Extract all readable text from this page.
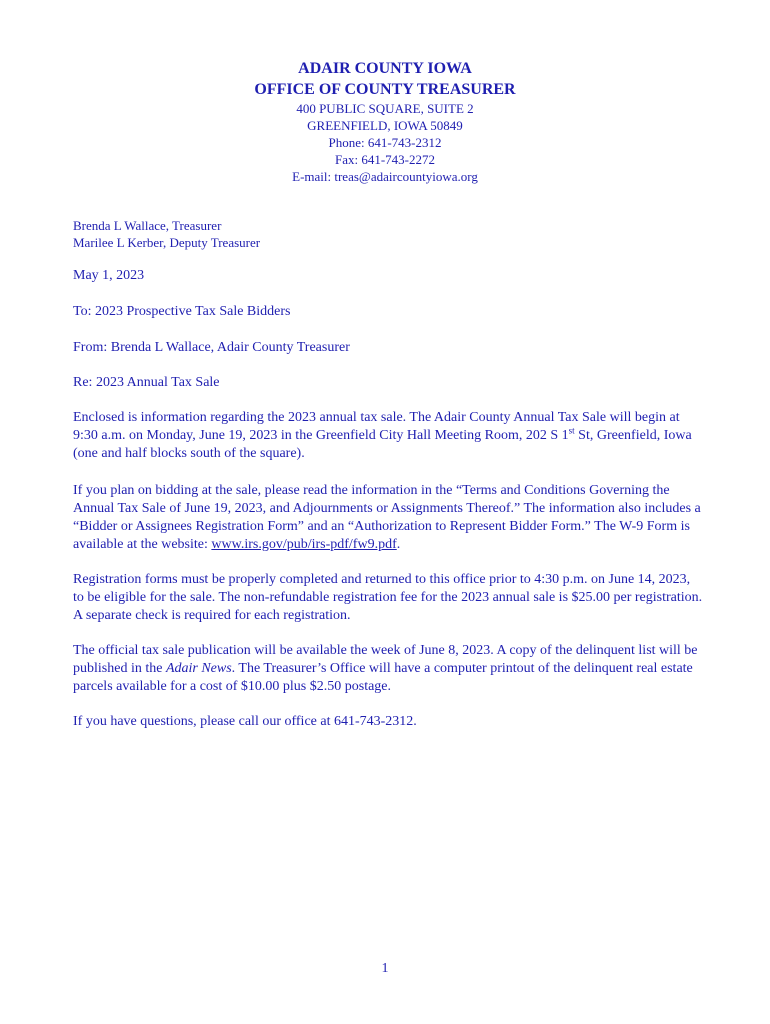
ADAIR COUNTY IOWA
OFFICE OF COUNTY TREASURER
400 PUBLIC SQUARE, SUITE 2
GREENFIELD, IOWA 50849
Phone: 641-743-2312
Fax: 641-743-2272
E-mail: treas@adaircountyiowa.org
Brenda L Wallace, Treasurer
Marilee L Kerber, Deputy Treasurer

May 1, 2023

To: 2023 Prospective Tax Sale Bidders

From: Brenda L Wallace, Adair County Treasurer

Re: 2023 Annual Tax Sale

Enclosed is information regarding the 2023 annual tax sale. The Adair County Annual Tax Sale will begin at 9:30 a.m. on Monday, June 19, 2023 in the Greenfield City Hall Meeting Room, 202 S 1st St, Greenfield, Iowa (one and half blocks south of the square).

If you plan on bidding at the sale, please read the information in the “Terms and Conditions Governing the Annual Tax Sale of June 19, 2023, and Adjournments or Assignments Thereof.” The information also includes a “Bidder or Assignees Registration Form” and an “Authorization to Represent Bidder Form.” The W-9 Form is available at the website: www.irs.gov/pub/irs-pdf/fw9.pdf.

Registration forms must be properly completed and returned to this office prior to 4:30 p.m. on June 14, 2023, to be eligible for the sale. The non-refundable registration fee for the 2023 annual sale is $25.00 per registration. A separate check is required for each registration.

The official tax sale publication will be available the week of June 8, 2023. A copy of the delinquent list will be published in the Adair News. The Treasurer’s Office will have a computer printout of the delinquent real estate parcels available for a cost of $10.00 plus $2.50 postage.

If you have questions, please call our office at 641-743-2312.

1
